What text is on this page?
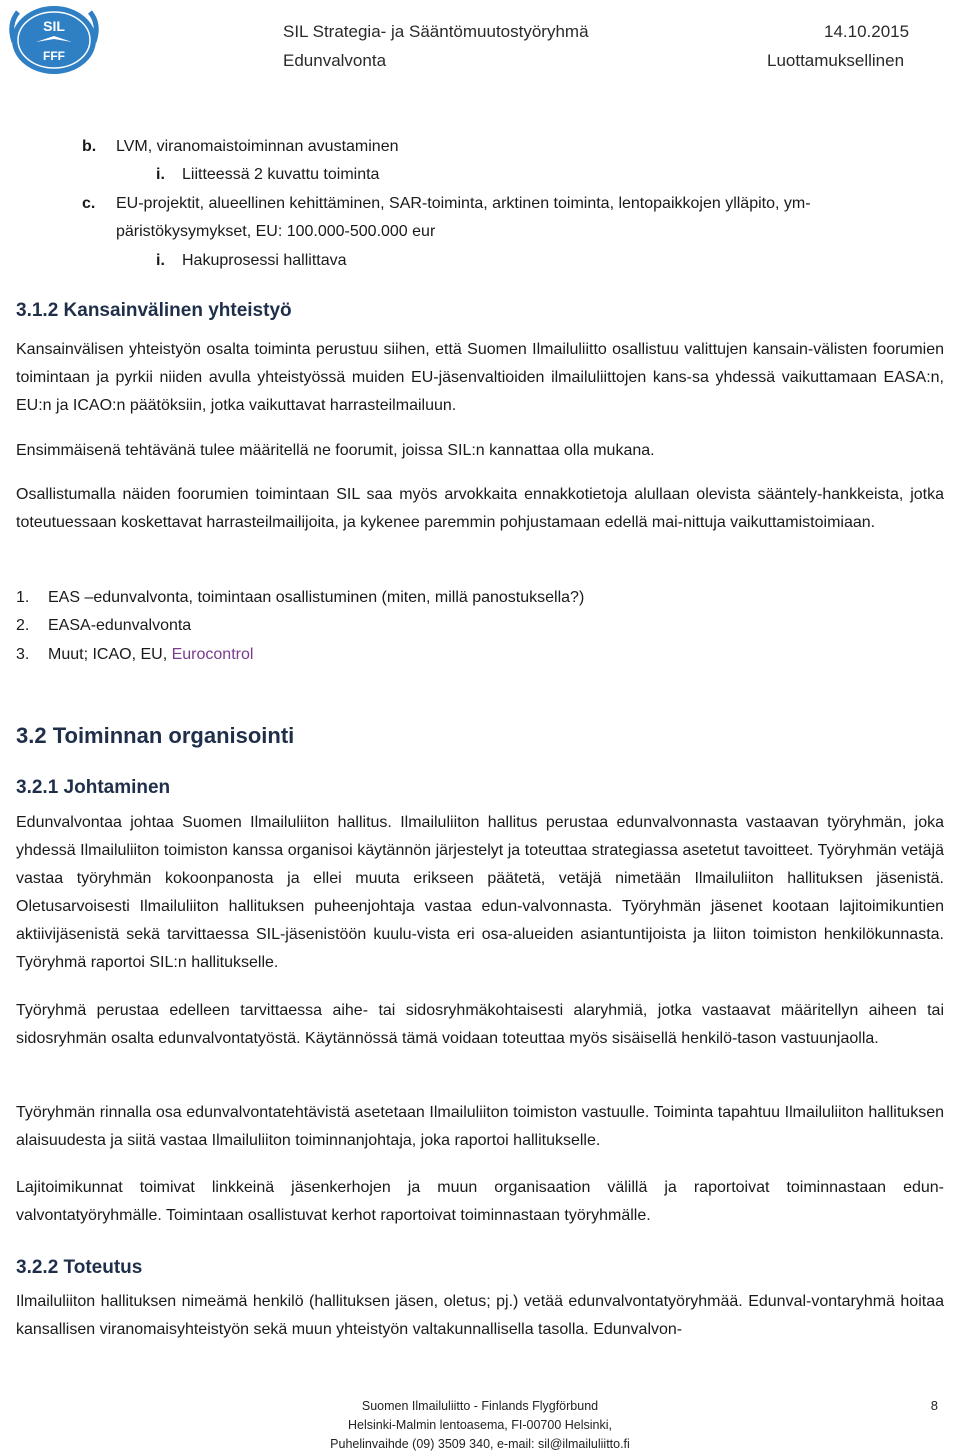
SIL
FFF
SIL Strategia- ja Sääntömuutostyöryhmä	14.10.2015
Edunvalvonta	Luottamuksellinen
b. LVM, viranomaistoiminnan avustaminen
i. Liitteessä 2 kuvattu toiminta
c. EU-projektit, alueellinen kehittäminen, SAR-toiminta, arktinen toiminta, lentopaikkojen ylläpito, ym-
päristökysymykset, EU: 100.000-500.000 eur
i. Hakuprosessi hallittava
3.1.2 Kansainvälinen yhteistyö
Kansainvälisen yhteistyön osalta toiminta perustuu siihen, että Suomen Ilmailuliitto osallistuu valittujen kansain-välisten foorumien toimintaan ja pyrkii niiden avulla yhteistyössä muiden EU-jäsenvaltioiden ilmailuliittojen kans-sa yhdessä vaikuttamaan EASA:n, EU:n ja ICAO:n päätöksiin, jotka vaikuttavat harrasteilmailuun.
Ensimmäisenä tehtävänä tulee määritellä ne foorumit, joissa SIL:n kannattaa olla mukana.
Osallistumalla näiden foorumien toimintaan SIL saa myös arvokkaita ennakkotietoja alullaan olevista sääntely-hankkeista, jotka toteutuessaan koskettavat harrasteilmailijoita, ja kykenee paremmin pohjustamaan edellä mai-nittuja vaikuttamistoimiaan.
1. EAS –edunvalvonta, toimintaan osallistuminen (miten, millä panostuksella?)
2. EASA-edunvalvonta
3. Muut; ICAO, EU, Eurocontrol
3.2 Toiminnan organisointi
3.2.1 Johtaminen
Edunvalvontaa johtaa Suomen Ilmailuliiton hallitus. Ilmailuliiton hallitus perustaa edunvalvonnasta vastaavan työryhmän, joka yhdessä Ilmailuliiton toimiston kanssa organisoi käytännön järjestelyt ja toteuttaa strategiassa asetetut tavoitteet. Työryhmän vetäjä vastaa työryhmän kokoonpanosta ja ellei muuta erikseen päätetä, vetäjä nimetään Ilmailuliiton hallituksen jäsenistä. Oletusarvoisesti Ilmailuliiton hallituksen puheenjohtaja vastaa edun-valvonnasta. Työryhmän jäsenet kootaan lajitoimikuntien aktiivijäsenistä sekä tarvittaessa SIL-jäsenistöön kuulu-vista eri osa-alueiden asiantuntijoista ja liiton toimiston henkilökunnasta. Työryhmä raportoi SIL:n hallitukselle.
Työryhmä perustaa edelleen tarvittaessa aihe- tai sidosryhmäkohtaisesti alaryhmiä, jotka vastaavat määritellyn aiheen tai sidosryhmän osalta edunvalvontatyöstä. Käytännössä tämä voidaan toteuttaa myös sisäisellä henkilö-tason vastuunjaolla.
Työryhmän rinnalla osa edunvalvontatehtävistä asetetaan Ilmailuliiton toimiston vastuulle. Toiminta tapahtuu Ilmailuliiton hallituksen alaisuudesta ja siitä vastaa Ilmailuliiton toiminnanjohtaja, joka raportoi hallitukselle.
Lajitoimikunnat toimivat linkkeinä jäsenkerhojen ja muun organisaation välillä ja raportoivat toiminnastaan edun-valvontatyöryhmälle. Toimintaan osallistuvat kerhot raportoivat toiminnastaan työryhmälle.
3.2.2 Toteutus
Ilmailuliiton hallituksen nimeämä henkilö (hallituksen jäsen, oletus; pj.) vetää edunvalvontatyöryhmää. Edunval-vontaryhmä hoitaa kansallisen viranomaisyhteistyön sekä muun yhteistyön valtakunnallisella tasolla. Edunvalvon-
Suomen Ilmailuliitto - Finlands Flygförbund
Helsinki-Malmin lentoasema, FI-00700 Helsinki,
Puhelinvaihde (09) 3509 340, e-mail: sil@ilmailuliitto.fi
8
